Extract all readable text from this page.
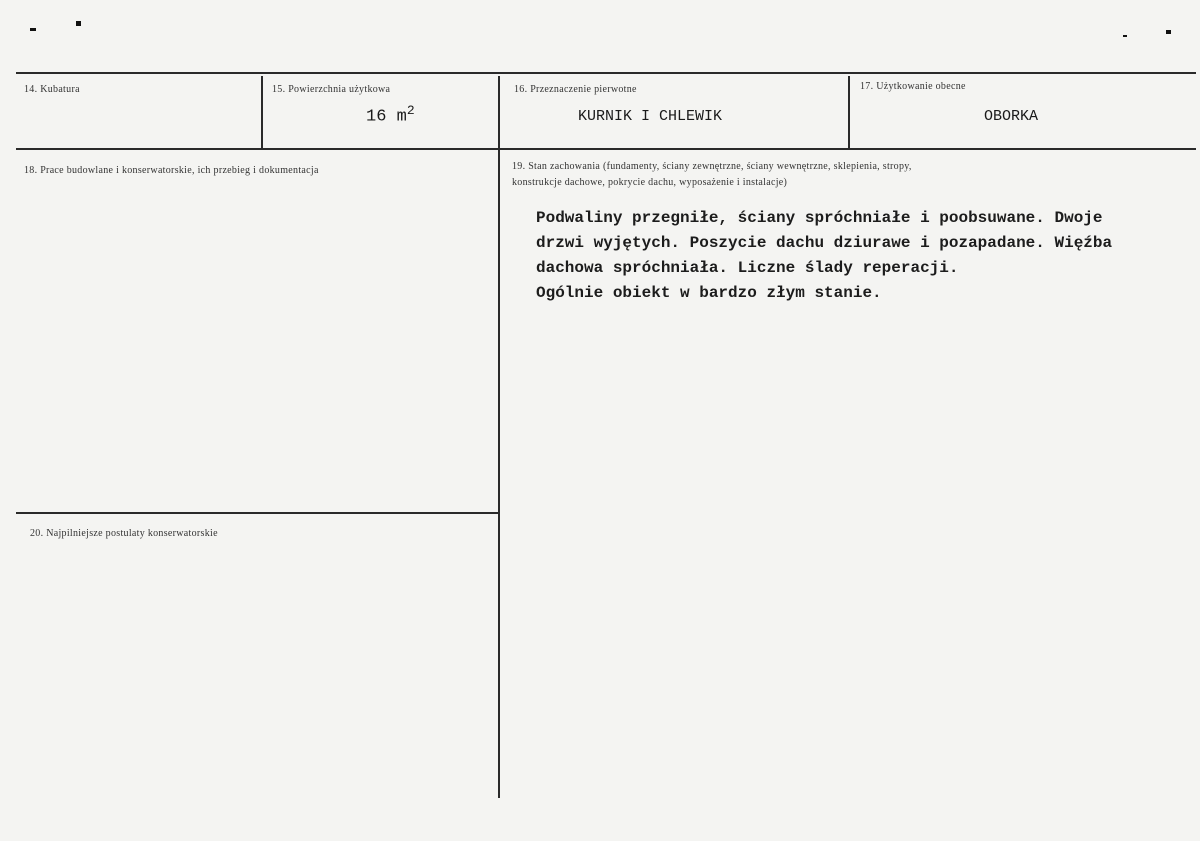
14. Kubatura	15. Powierzchnia użytkowa
16 $m^2$
16. Przeznaczenie pierwotne
KURNIK I CHLEWIK
17. Użytkowanie obecne
OBORKA
18. Prace budowlane i konserwatorskie, ich przebieg i dokumentacja	19. Stan zachowania (fundamenty, ściany zewnętrzne, ściany wewnętrzne, sklepienia, stropy,
konstrukcje dachowe, pokrycie dachu, wyposażenie i instalacje)
Podwaliny przegniłe, ściany spróchniałe i poobsuwane. Dwoje
drzwi wyjętych. Poszycie dachu dziurawe i pozapadane. Więźba
dachowa spróchniała. Liczne ślady reperacji.
Ogólnie obiekt w bardzo złym stanie.
20. Najpilniejsze postulaty konserwatorskie
